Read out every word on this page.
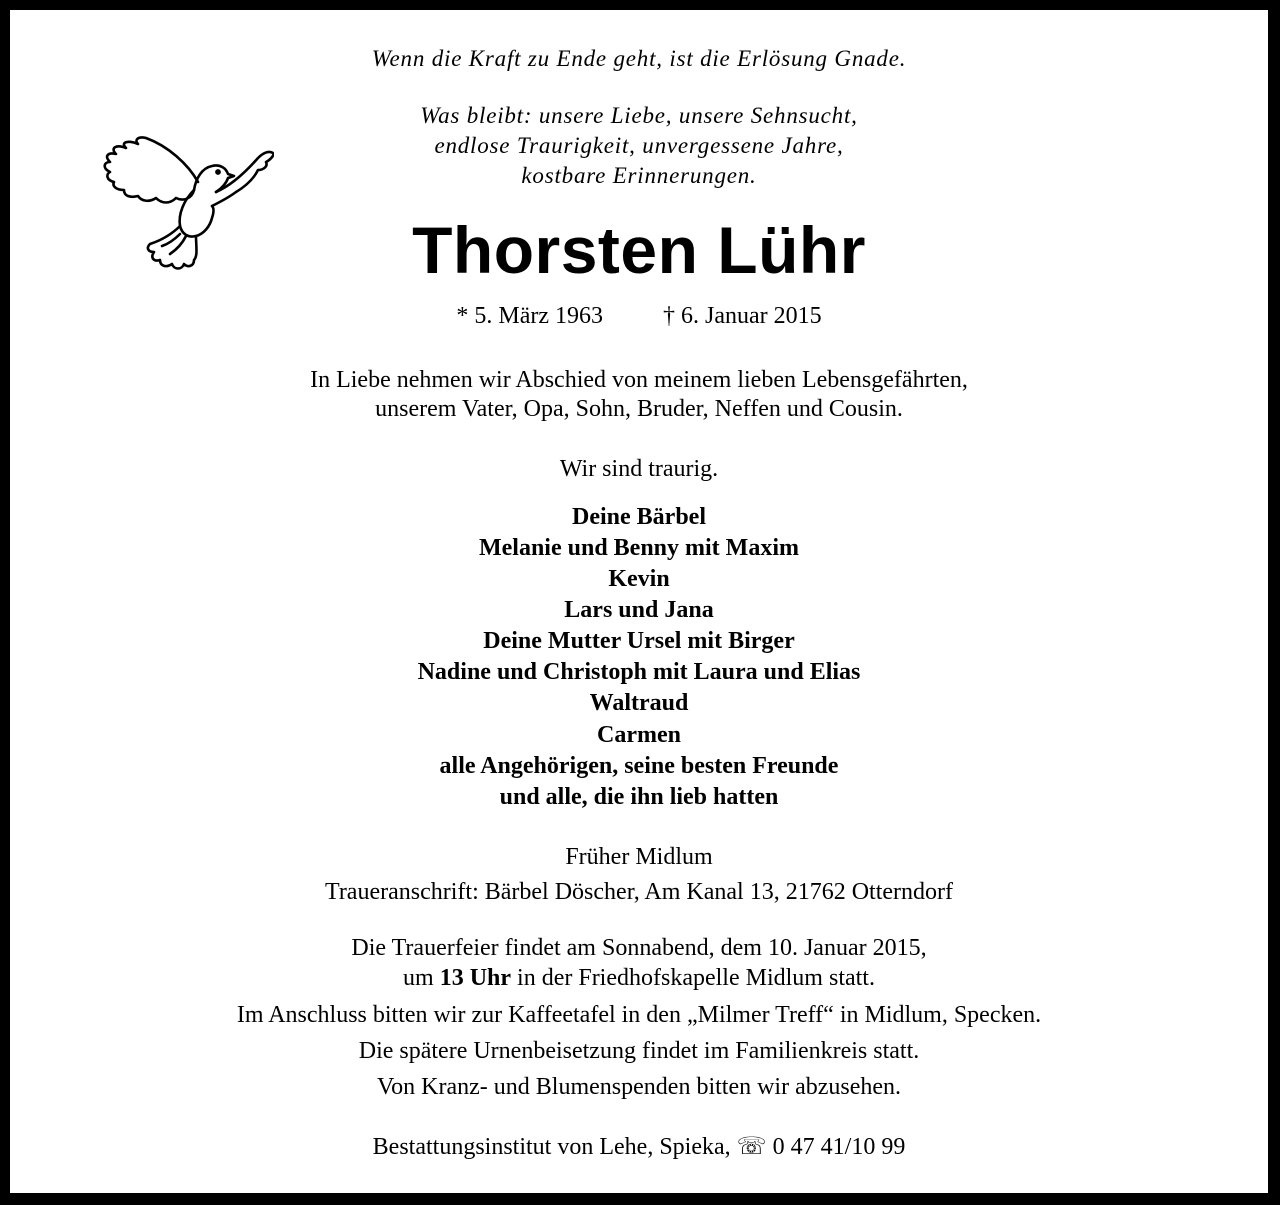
Wenn die Kraft zu Ende geht, ist die Erlösung Gnade.
Was bleibt: unsere Liebe, unsere Sehnsucht,
endlose Traurigkeit, unvergessene Jahre,
kostbare Erinnerungen.
Thorsten Lühr
* 5. März 1963	† 6. Januar 2015
In Liebe nehmen wir Abschied von meinem lieben Lebensgefährten,
unserem Vater, Opa, Sohn, Bruder, Neffen und Cousin.
Wir sind traurig.
Deine Bärbel
Melanie und Benny mit Maxim
Kevin
Lars und Jana
Deine Mutter Ursel mit Birger
Nadine und Christoph mit Laura und Elias
Waltraud
Carmen
alle Angehörigen, seine besten Freunde
und alle, die ihn lieb hatten
Früher Midlum
Traueranschrift: Bärbel Döscher, Am Kanal 13, 21762 Otterndorf
Die Trauerfeier findet am Sonnabend, dem 10. Januar 2015,
um 13 Uhr in der Friedhofskapelle Midlum statt.
Im Anschluss bitten wir zur Kaffeetafel in den „Milmer Treff“ in Midlum, Specken.
Die spätere Urnenbeisetzung findet im Familienkreis statt.
Von Kranz- und Blumenspenden bitten wir abzusehen.
Bestattungsinstitut von Lehe, Spieka, ☏ 0 47 41/10 99
